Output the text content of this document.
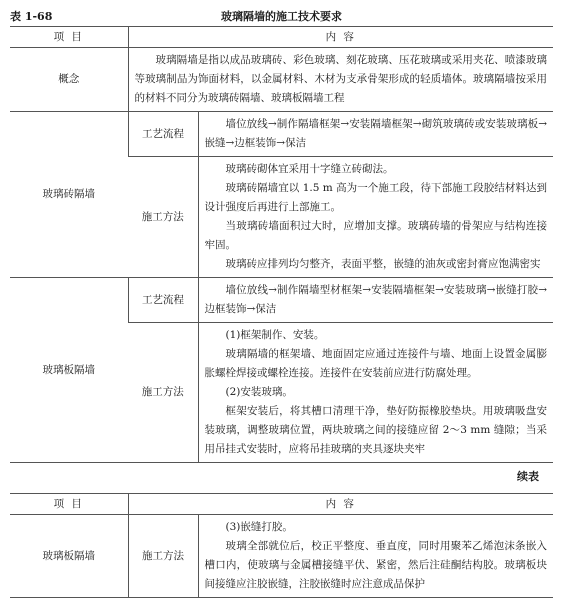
表 1-68	玻璃隔墙的施工技术要求
项 目	内 容	
概念	玻璃隔墙是指以成品玻璃砖、彩色玻璃、刻花玻璃、压花玻璃或采用夹花、喷漆玻璃等玻璃制品为饰面材料，以金属材料、木材为支承骨架形成的轻质墙体。玻璃隔墙按采用的材料不同分为玻璃砖隔墙、玻璃板隔墙工程	

玻璃砖隔墙	工艺流程	墙位放线→制作隔墙框架→安装隔墙框架→砌筑玻璃砖或安装玻璃板→嵌缝→边框装饰→保洁

	施工方法	玻璃砖砌体宜采用十字缝立砖砌法。

玻璃砖隔墙宜以 1.5 m 高为一个施工段，待下部施工段胶结材料达到设计强度后再进行上部施工。

当玻璃砖墙面积过大时，应增加支撑。玻璃砖墙的骨架应与结构连接牢固。

玻璃砖应排列均匀整齐，表面平整，嵌缝的油灰或密封膏应饱满密实

玻璃板隔墙	工艺流程	墙位放线→制作隔墙型材框架→安装隔墙框架→安装玻璃→嵌缝打胶→边框装饰→保洁

	施工方法	(1)框架制作、安装。

玻璃隔墙的框架墙、地面固定应通过连接件与墙、地面上设置金属膨胀螺栓焊接或螺栓连接。连接件在安装前应进行防腐处理。

(2)安装玻璃。

框架安装后，将其槽口清理干净，垫好防振橡胶垫块。用玻璃吸盘安装玻璃，调整玻璃位置，两块玻璃之间的接缝应留 2～3 mm 缝隙；当采用吊挂式安装时，应将吊挂玻璃的夹具逐块夹牢

续表
项 目	内 容	
玻璃板隔墙	施工方法	(3)嵌缝打胶。

玻璃全部就位后，校正平整度、垂直度，同时用聚苯乙烯泡沫条嵌入槽口内，使玻璃与金属槽接缝平伏、紧密，然后注硅酮结构胶。玻璃板块间接缝应注胶嵌缝，注胶嵌缝时应注意成品保护
